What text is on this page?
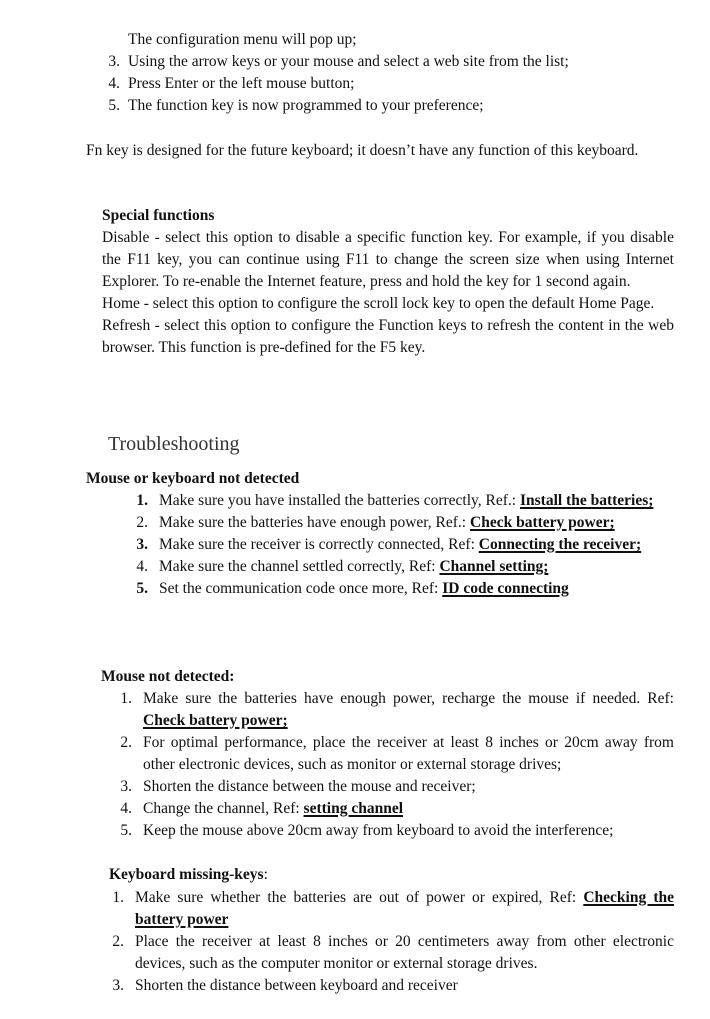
The configuration menu will pop up;
3. Using the arrow keys or your mouse and select a web site from the list;
4. Press Enter or the left mouse button;
5. The function key is now programmed to your preference;
Fn key is designed for the future keyboard; it doesn’t have any function of this keyboard.
Special functions
Disable - select this option to disable a specific function key. For example, if you disable the F11 key, you can continue using F11 to change the screen size when using Internet Explorer. To re-enable the Internet feature, press and hold the key for 1 second again.
Home - select this option to configure the scroll lock key to open the default Home Page.
Refresh - select this option to configure the Function keys to refresh the content in the web browser. This function is pre-defined for the F5 key.
Troubleshooting
Mouse or keyboard not detected
1. Make sure you have installed the batteries correctly, Ref.: Install the batteries;
2. Make sure the batteries have enough power, Ref.: Check battery power;
3. Make sure the receiver is correctly connected, Ref: Connecting the receiver;
4. Make sure the channel settled correctly, Ref: Channel setting;
5. Set the communication code once more, Ref: ID code connecting
Mouse not detected:
1. Make sure the batteries have enough power, recharge the mouse if needed. Ref: Check battery power;
2. For optimal performance, place the receiver at least 8 inches or 20cm away from other electronic devices, such as monitor or external storage drives;
3. Shorten the distance between the mouse and receiver;
4. Change the channel, Ref: setting channel
5. Keep the mouse above 20cm away from keyboard to avoid the interference;
Keyboard missing-keys:
1. Make sure whether the batteries are out of power or expired, Ref: Checking the battery power
2. Place the receiver at least 8 inches or 20 centimeters away from other electronic devices, such as the computer monitor or external storage drives.
3. Shorten the distance between keyboard and receiver
